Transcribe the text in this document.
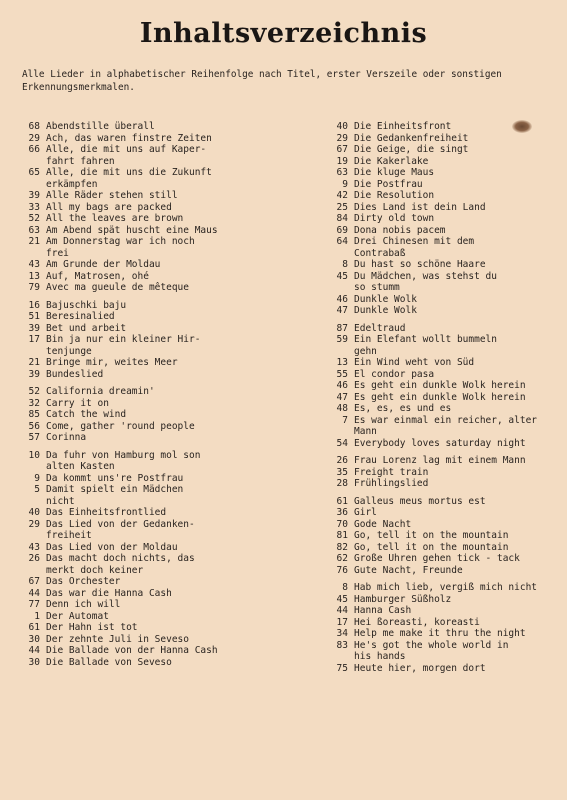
Inhaltsverzeichnis
Alle Lieder in alphabetischer Reihenfolge nach Titel, erster Verszeile oder sonstigen Erkennungsmerkmalen.
68 Abendstille überall
29 Ach, das waren finstre Zeiten
66 Alle, die mit uns auf Kaper-
fahrt fahren
65 Alle, die mit uns die Zukunft
erkämpfen
39 Alle Räder stehen still
33 All my bags are packed
52 All the leaves are brown
63 Am Abend spät huscht eine Maus
21 Am Donnerstag war ich noch
frei
43 Am Grunde der Moldau
13 Auf, Matrosen, ohé
79 Avec ma gueule de mêteque
16 Bajuschki baju
51 Beresinalied
39 Bet und arbeit
17 Bin ja nur ein kleiner Hir-
tenjunge
21 Bringe mir, weites Meer
39 Bundeslied
52 California dreamin'
32 Carry it on
85 Catch the wind
56 Come, gather 'round people
57 Corinna
10 Da fuhr von Hamburg mol son
alten Kasten
9 Da kommt uns're Postfrau
5 Damit spielt ein Mädchen
nicht
40 Das Einheitsfrontlied
29 Das Lied von der Gedanken-
freiheit
43 Das Lied von der Moldau
26 Das macht doch nichts, das
merkt doch keiner
67 Das Orchester
44 Das war die Hanna Cash
77 Denn ich will
1 Der Automat
61 Der Hahn ist tot
30 Der zehnte Juli in Seveso
44 Die Ballade von der Hanna Cash
30 Die Ballade von Seveso
40 Die Einheitsfront
29 Die Gedankenfreiheit
67 Die Geige, die singt
19 Die Kakerlake
63 Die kluge Maus
9 Die Postfrau
42 Die Resolution
25 Dies Land ist dein Land
84 Dirty old town
69 Dona nobis pacem
64 Drei Chinesen mit dem
Contrabaß
8 Du hast so schöne Haare
45 Du Mädchen, was stehst du
so stumm
46 Dunkle Wolk
47 Dunkle Wolk
87 Edeltraud
59 Ein Elefant wollt bummeln
gehn
13 Ein Wind weht von Süd
55 El condor pasa
46 Es geht ein dunkle Wolk herein
47 Es geht ein dunkle Wolk herein
48 Es, es, es und es
7 Es war einmal ein reicher, alter
Mann
54 Everybody loves saturday night
26 Frau Lorenz lag mit einem Mann
35 Freight train
28 Frühlingslied
61 Galleus meus mortus est
36 Girl
70 Gode Nacht
81 Go, tell it on the mountain
82 Go, tell it on the mountain
62 Große Uhren gehen tick - tack
76 Gute Nacht, Freunde
8 Hab mich lieb, vergiß mich nicht
45 Hamburger Süßholz
44 Hanna Cash
17 Hei ßoreasti, koreasti
34 Help me make it thru the night
83 He's got the whole world in
his hands
75 Heute hier, morgen dort
